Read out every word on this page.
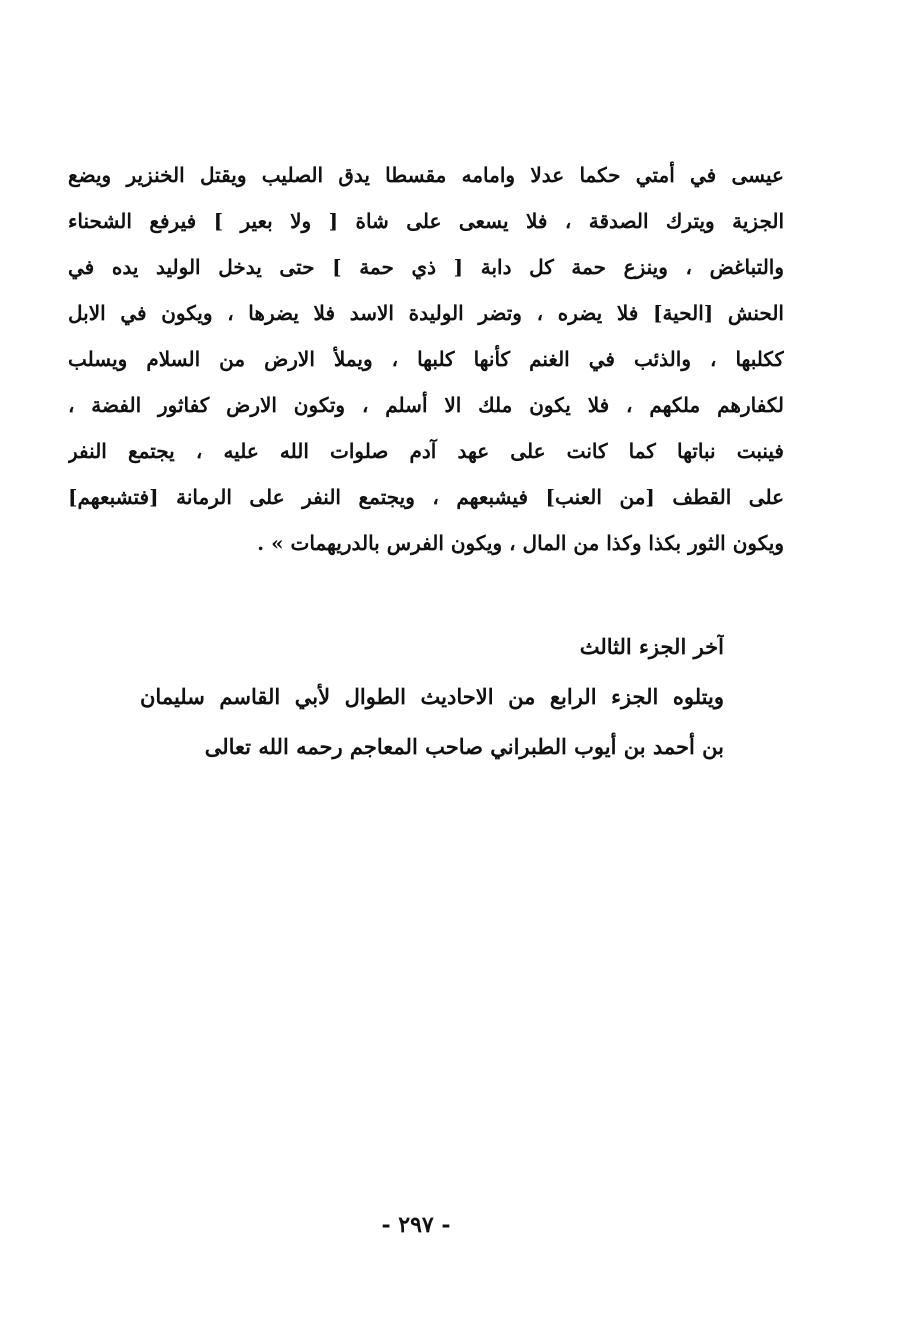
عيسى في أمتي حكما عدلا وامامه مقسطا يدق الصليب ويقتل الخنزير ويضع
الجزية ويترك الصدقة ، فلا يسعى على شاة [ ولا بعير ] فيرفع الشحناء
والتباغض ، وينزع حمة كل دابة [ ذي حمة ] حتى يدخل الوليد يده في
الحنش [الحية] فلا يضره ، وتضر الوليدة الاسد فلا يضرها ، ويكون في الابل
ككلبها ، والذئب في الغنم كأنها كلبها ، ويملأ الارض من السلام ويسلب
لكفارهم ملكهم ، فلا يكون ملك الا أسلم ، وتكون الارض كفاثور الفضة ،
فينبت نباتها كما كانت على عهد آدم صلوات الله عليه ، يجتمع النفر
على القطف [من العنب] فيشبعهم ، ويجتمع النفر على الرمانة [فتشبعهم]
ويكون الثور بكذا وكذا من المال ، ويكون الفرس بالدريهمات » .
آخر الجزء الثالث
ويتلوه الجزء الرابع من الاحاديث الطوال لأبي القاسم سليمان
بن أحمد بن أيوب الطبراني صاحب المعاجم رحمه الله تعالى
- ٢٩٧ -
